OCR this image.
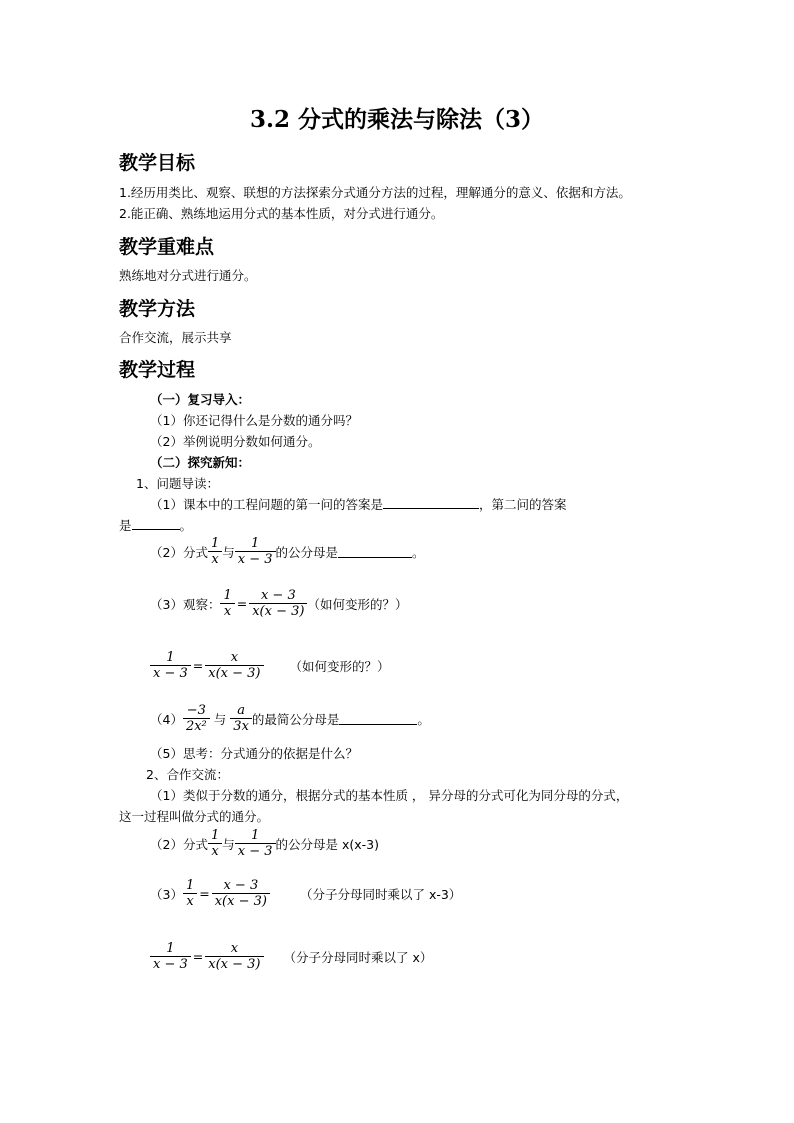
3.2 分式的乘法与除法（3）
教学目标
1.经历用类比、观察、联想的方法探索分式通分方法的过程，理解通分的意义、依据和方法。
2.能正确、熟练地运用分式的基本性质，对分式进行通分。
教学重难点
熟练地对分式进行通分。
教学方法
合作交流，展示共享
教学过程
（一）复习导入：
（1）你还记得什么是分数的通分吗？
（2）举例说明分数如何通分。
（二）探究新知：
1、问题导读：
（1）课本中的工程问题的第一问的答案是	，第二问的答案
是	。
（2）分式 $\frac{1}{x}$ 与 $\frac{1}{x - 3}$ 的公分母是	。
（3）观察： $\frac{1}{x} = \frac{x - 3}{x(x - 3)}$ （如何变形的？）
$\frac{1}{x - 3} = \frac{x}{x(x - 3)}$ （如何变形的？）
$(4) \frac{-3}{\text{2x²}}$ 与 $\frac{a}{3x}$ 的最简公分母是	。
（5）思考：分式通分的依据是什么？
2、合作交流：
（1）类似于分数的通分，根据分式的基本性质 ， 异分母的分式可化为同分母的分式，
这一过程叫做分式的通分。
（2）分式 $\frac{1}{x}$ 与 $\frac{1}{x - 3}$ 的公分母是 x(x-3)
$(3) \frac{1}{x} = \frac{x - 3}{x(x - 3)}$ （分子分母同时乘以了 x-3）
$\frac{1}{x - 3} = \frac{x}{x(x - 3)}$ （分子分母同时乘以了 x）
